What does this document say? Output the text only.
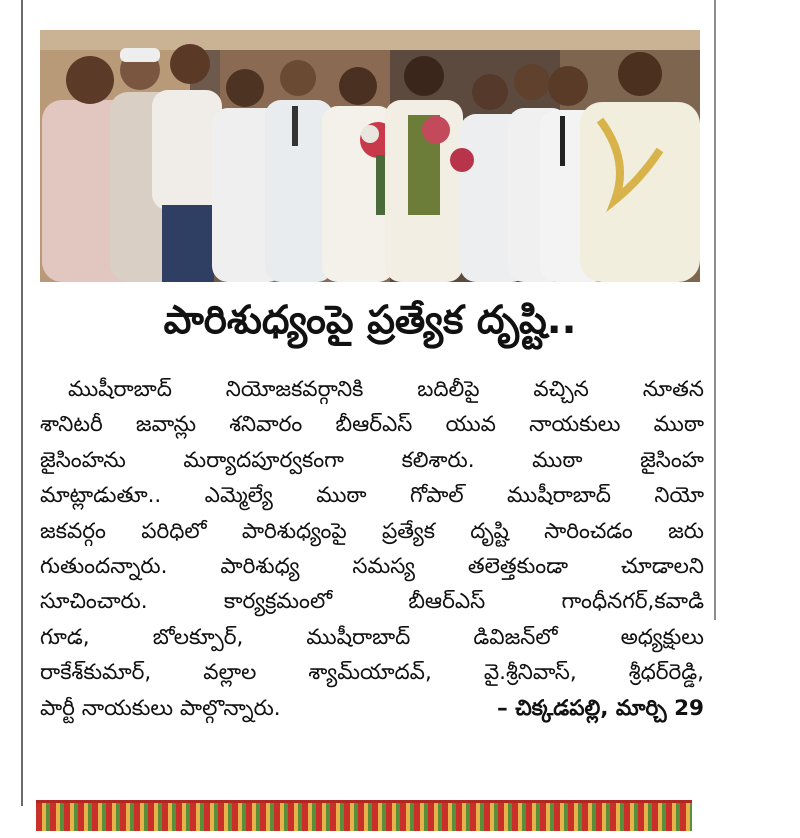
పారిశుధ్యంపై ప్రత్యేక దృష్టి..
ముషీరాబాద్ నియోజకవర్గానికి బదిలీపై వచ్చిన నూతన
శానిటరీ జవాన్లు శనివారం బీఆర్ఎస్ యువ నాయకులు ముఠా
జైసింహను మర్యాదపూర్వకంగా కలిశారు. ముఠా జైసింహ
మాట్లాడుతూ.. ఎమ్మెల్యే ముఠా గోపాల్ ముషీరాబాద్ నియో
జకవర్గం పరిధిలో పారిశుధ్యంపై ప్రత్యేక దృష్టి సారించడం జరు
గుతుందన్నారు. పారిశుధ్య సమస్య తలెత్తకుండా చూడాలని
సూచించారు. కార్యక్రమంలో బీఆర్ఎస్ గాంధీనగర్,కవాడి
గూడ, బోలక్పూర్, ముషీరాబాద్ డివిజన్‌లో అధ్యక్షులు
రాకేశ్‌కుమార్, వల్లాల శ్యామ్‌యాదవ్, వై.శ్రీనివాస్, శ్రీధర్‌రెడ్డి,
పార్టీ నాయకులు పాల్గొన్నారు.	– చిక్కడపల్లి, మార్చి 29
